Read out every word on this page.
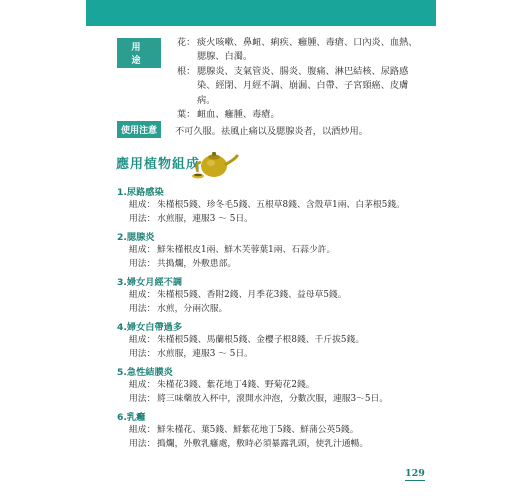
用　途
花： 痰火咳嗽、鼻衄、痢疾、癰腫、毒瘡、口內炎、血熱、腮腺、白濁。
根： 腮腺炎、支氣管炎、腸炎、腹痛、淋巴結核、尿路感染、經閉、月經不調、崩漏、白帶、子宮頸癌、皮膚病。
葉： 衄血、癰腫、毒瘡。
使用注意	不可久服。祛風止痛以及腮腺炎者，以酒炒用。
應用植物組成
1.尿路感染
組成： 朱槿根5錢、珍冬毛5錢、五根草8錢、含殼草1兩、白茅根5錢。
用法： 水煎服，連服3 ～ 5日。
2.腮腺炎
組成： 鮮朱槿根皮1兩、鮮木芙蓉葉1兩、石蒜少許。
用法： 共搗爛，外敷患部。
3.婦女月經不調
組成： 朱槿根5錢、香附2錢、月季花3錢、益母草5錢。
用法： 水煎，分兩次服。
4.婦女白帶過多
組成： 朱槿根5錢、馬蘭根5錢、金櫻子根8錢、千斤拔5錢。
用法： 水煎服，連服3 ～ 5日。
5.急性結膜炎
組成： 朱槿花3錢、紫花地丁4錢、野菊花2錢。
用法： 將三味藥放入杯中，滾開水沖泡，分數次服，連服3～5日。
6.乳癰
組成： 鮮朱槿花、葉5錢、鮮紫花地丁5錢、鮮蒲公英5錢。
用法： 搗爛，外敷乳癰處，敷時必須暴露乳頭，使乳汁通暢。
129
